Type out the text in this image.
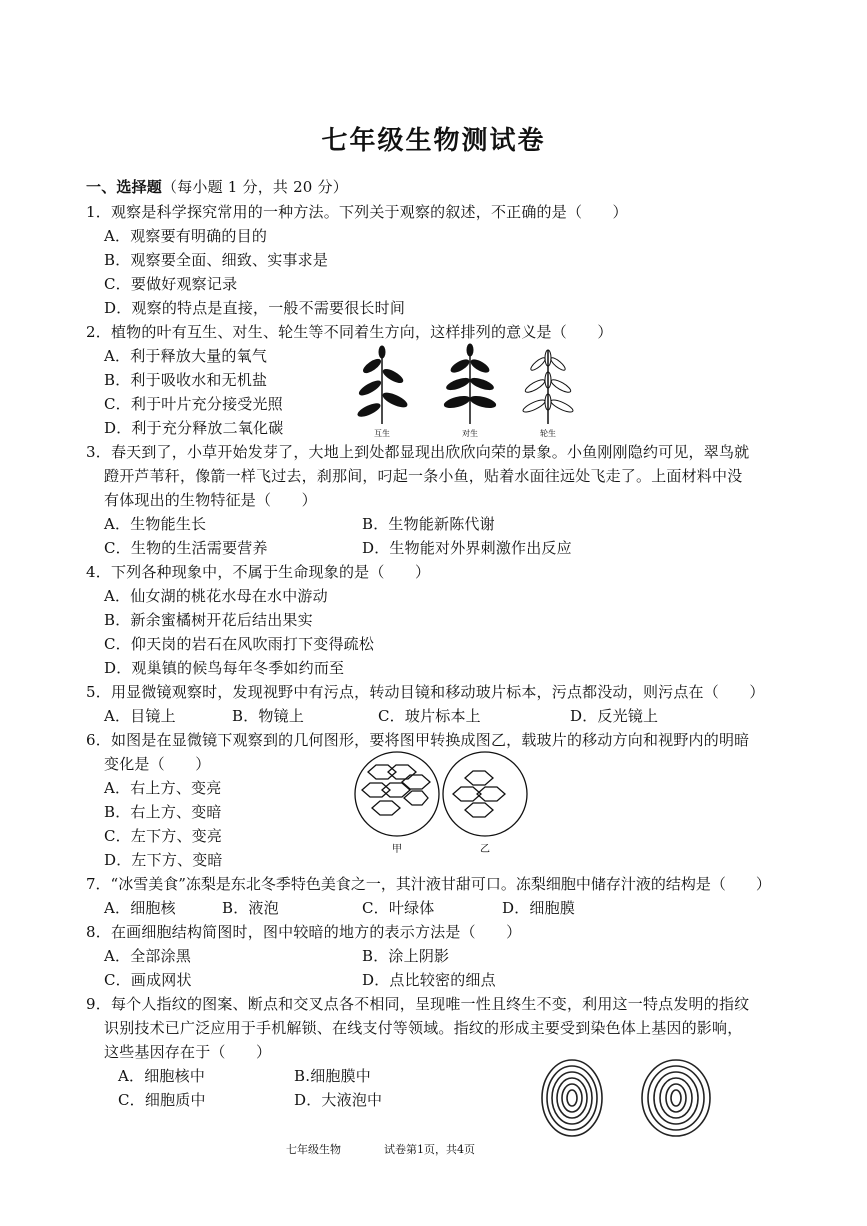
七年级生物测试卷
一、选择题（每小题 1 分，共 20 分）
1．观察是科学探究常用的一种方法。下列关于观察的叙述，不正确的是（　　）
A．观察要有明确的目的
B．观察要全面、细致、实事求是
C．要做好观察记录
D．观察的特点是直接，一般不需要很长时间
2．植物的叶有互生、对生、轮生等不同着生方向，这样排列的意义是（　　）
A．利于释放大量的氧气
B．利于吸收水和无机盐
C．利于叶片充分接受光照
D．利于充分释放二氧化碳	互生	对生	轮生
3．春天到了，小草开始发芽了，大地上到处都显现出欣欣向荣的景象。小鱼刚刚隐约可见，翠鸟就
蹬开芦苇秆，像箭一样飞过去，刹那间，叼起一条小鱼，贴着水面往远处飞走了。上面材料中没
有体现出的生物特征是（　　）
A．生物能生长	B．生物能新陈代谢
C．生物的生活需要营养	D．生物能对外界刺激作出反应
4．下列各种现象中，不属于生命现象的是（　　）
A．仙女湖的桃花水母在水中游动
B．新余蜜橘树开花后结出果实
C．仰天岗的岩石在风吹雨打下变得疏松
D．观巢镇的候鸟每年冬季如约而至
5．用显微镜观察时，发现视野中有污点，转动目镜和移动玻片标本，污点都没动，则污点在（　　）
A．目镜上	B．物镜上	C．玻片标本上	D．反光镜上
6．如图是在显微镜下观察到的几何图形，要将图甲转换成图乙，载玻片的移动方向和视野内的明暗
变化是（　　）
A．右上方、变亮
B．右上方、变暗
C．左下方、变亮
D．左下方、变暗
甲	乙
7．“冰雪美食”冻梨是东北冬季特色美食之一，其汁液甘甜可口。冻梨细胞中储存汁液的结构是（　　）
A．细胞核	B．液泡	C．叶绿体	D．细胞膜
8．在画细胞结构简图时，图中较暗的地方的表示方法是（　　）
A．全部涂黑	B．涂上阴影
C．画成网状	D．点比较密的细点
9．每个人指纹的图案、断点和交叉点各不相同，呈现唯一性且终生不变，利用这一特点发明的指纹
识别技术已广泛应用于手机解锁、在线支付等领域。指纹的形成主要受到染色体上基因的影响，
这些基因存在于（　　）
A．细胞核中	B.细胞膜中
C．细胞质中	D．大液泡中
七年级生物	试卷第1页，共4页
